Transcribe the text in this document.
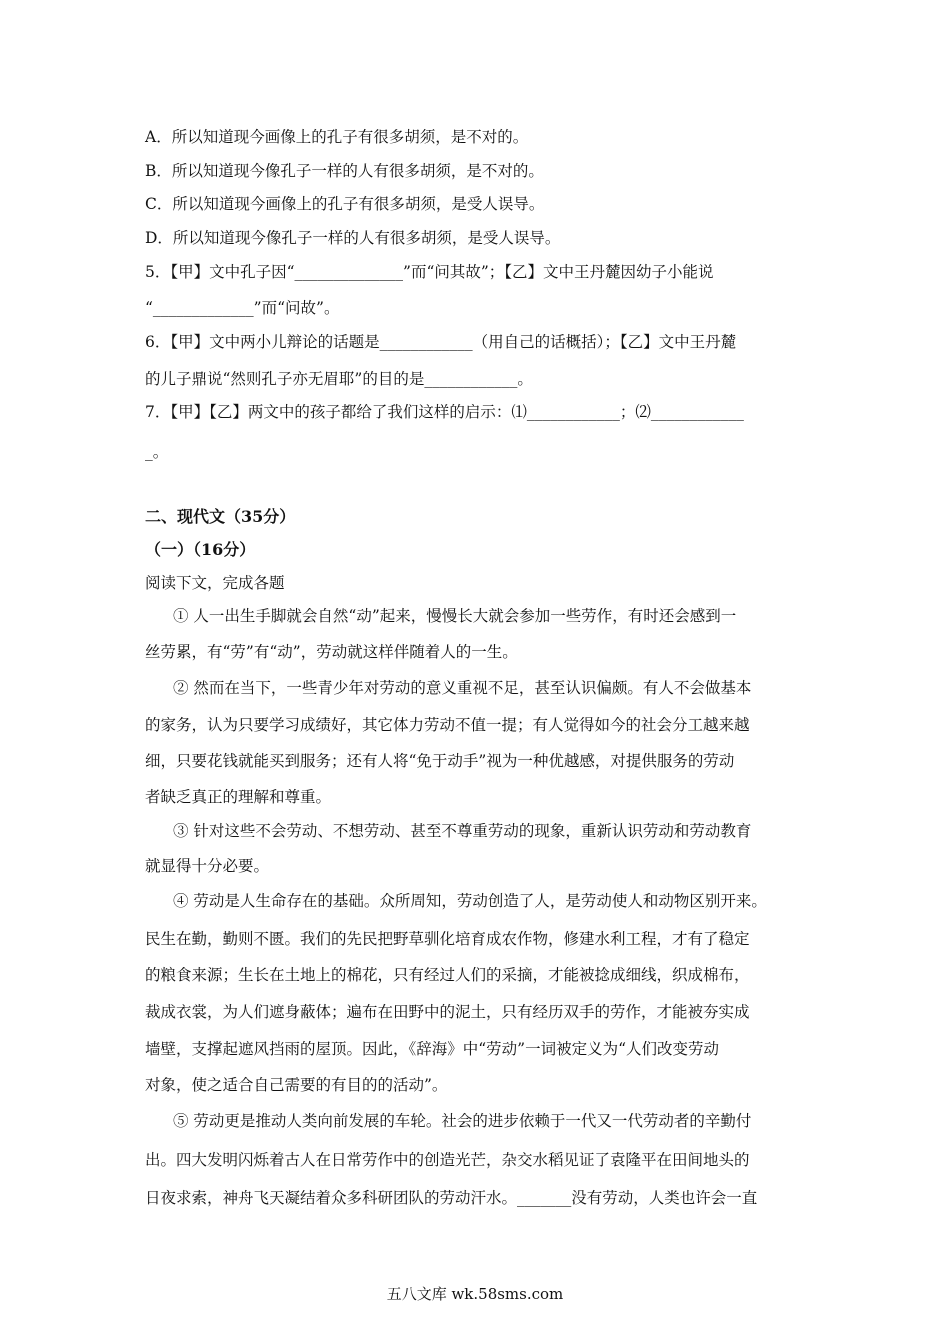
A．所以知道现今画像上的孔子有很多胡须，是不对的。
B．所以知道现今像孔子一样的人有很多胡须，是不对的。
C．所以知道现今画像上的孔子有很多胡须，是受人误导。
D．所以知道现今像孔子一样的人有很多胡须，是受人误导。
5．【甲】文中孔子因“______________”而“问其故”；【乙】文中王丹麓因幼子小能说
“_____________”而“问故”。
6．【甲】文中两小儿辩论的话题是____________（用自己的话概括）；【乙】文中王丹麓
的儿子鼎说“然则孔子亦无眉耶”的目的是____________。
7．【甲】【乙】两文中的孩子都给了我们这样的启示：⑴____________；⑵____________
_。
二、现代文（35分）
（一）（16分）
阅读下文，完成各题
① 人一出生手脚就会自然“动”起来，慢慢长大就会参加一些劳作，有时还会感到一
丝劳累，有“劳”有“动”，劳动就这样伴随着人的一生。
② 然而在当下，一些青少年对劳动的意义重视不足，甚至认识偏颇。有人不会做基本
的家务，认为只要学习成绩好，其它体力劳动不值一提；有人觉得如今的社会分工越来越
细，只要花钱就能买到服务；还有人将“免于动手”视为一种优越感，对提供服务的劳动
者缺乏真正的理解和尊重。
③ 针对这些不会劳动、不想劳动、甚至不尊重劳动的现象，重新认识劳动和劳动教育
就显得十分必要。
④ 劳动是人生命存在的基础。众所周知，劳动创造了人，是劳动使人和动物区别开来。
民生在勤，勤则不匮。我们的先民把野草驯化培育成农作物，修建水利工程，才有了稳定
的粮食来源；生长在土地上的棉花，只有经过人们的采摘，才能被捻成细线，织成棉布，
裁成衣裳，为人们遮身蔽体；遍布在田野中的泥土，只有经历双手的劳作，才能被夯实成
墙壁，支撑起遮风挡雨的屋顶。因此，《辞海》中“劳动”一词被定义为“人们改变劳动
对象，使之适合自己需要的有目的的活动”。
⑤ 劳动更是推动人类向前发展的车轮。社会的进步依赖于一代又一代劳动者的辛勤付
出。四大发明闪烁着古人在日常劳作中的创造光芒，杂交水稻见证了袁隆平在田间地头的
日夜求索，神舟飞天凝结着众多科研团队的劳动汗水。_______没有劳动，人类也许会一直
五八文库 wk.58sms.com
